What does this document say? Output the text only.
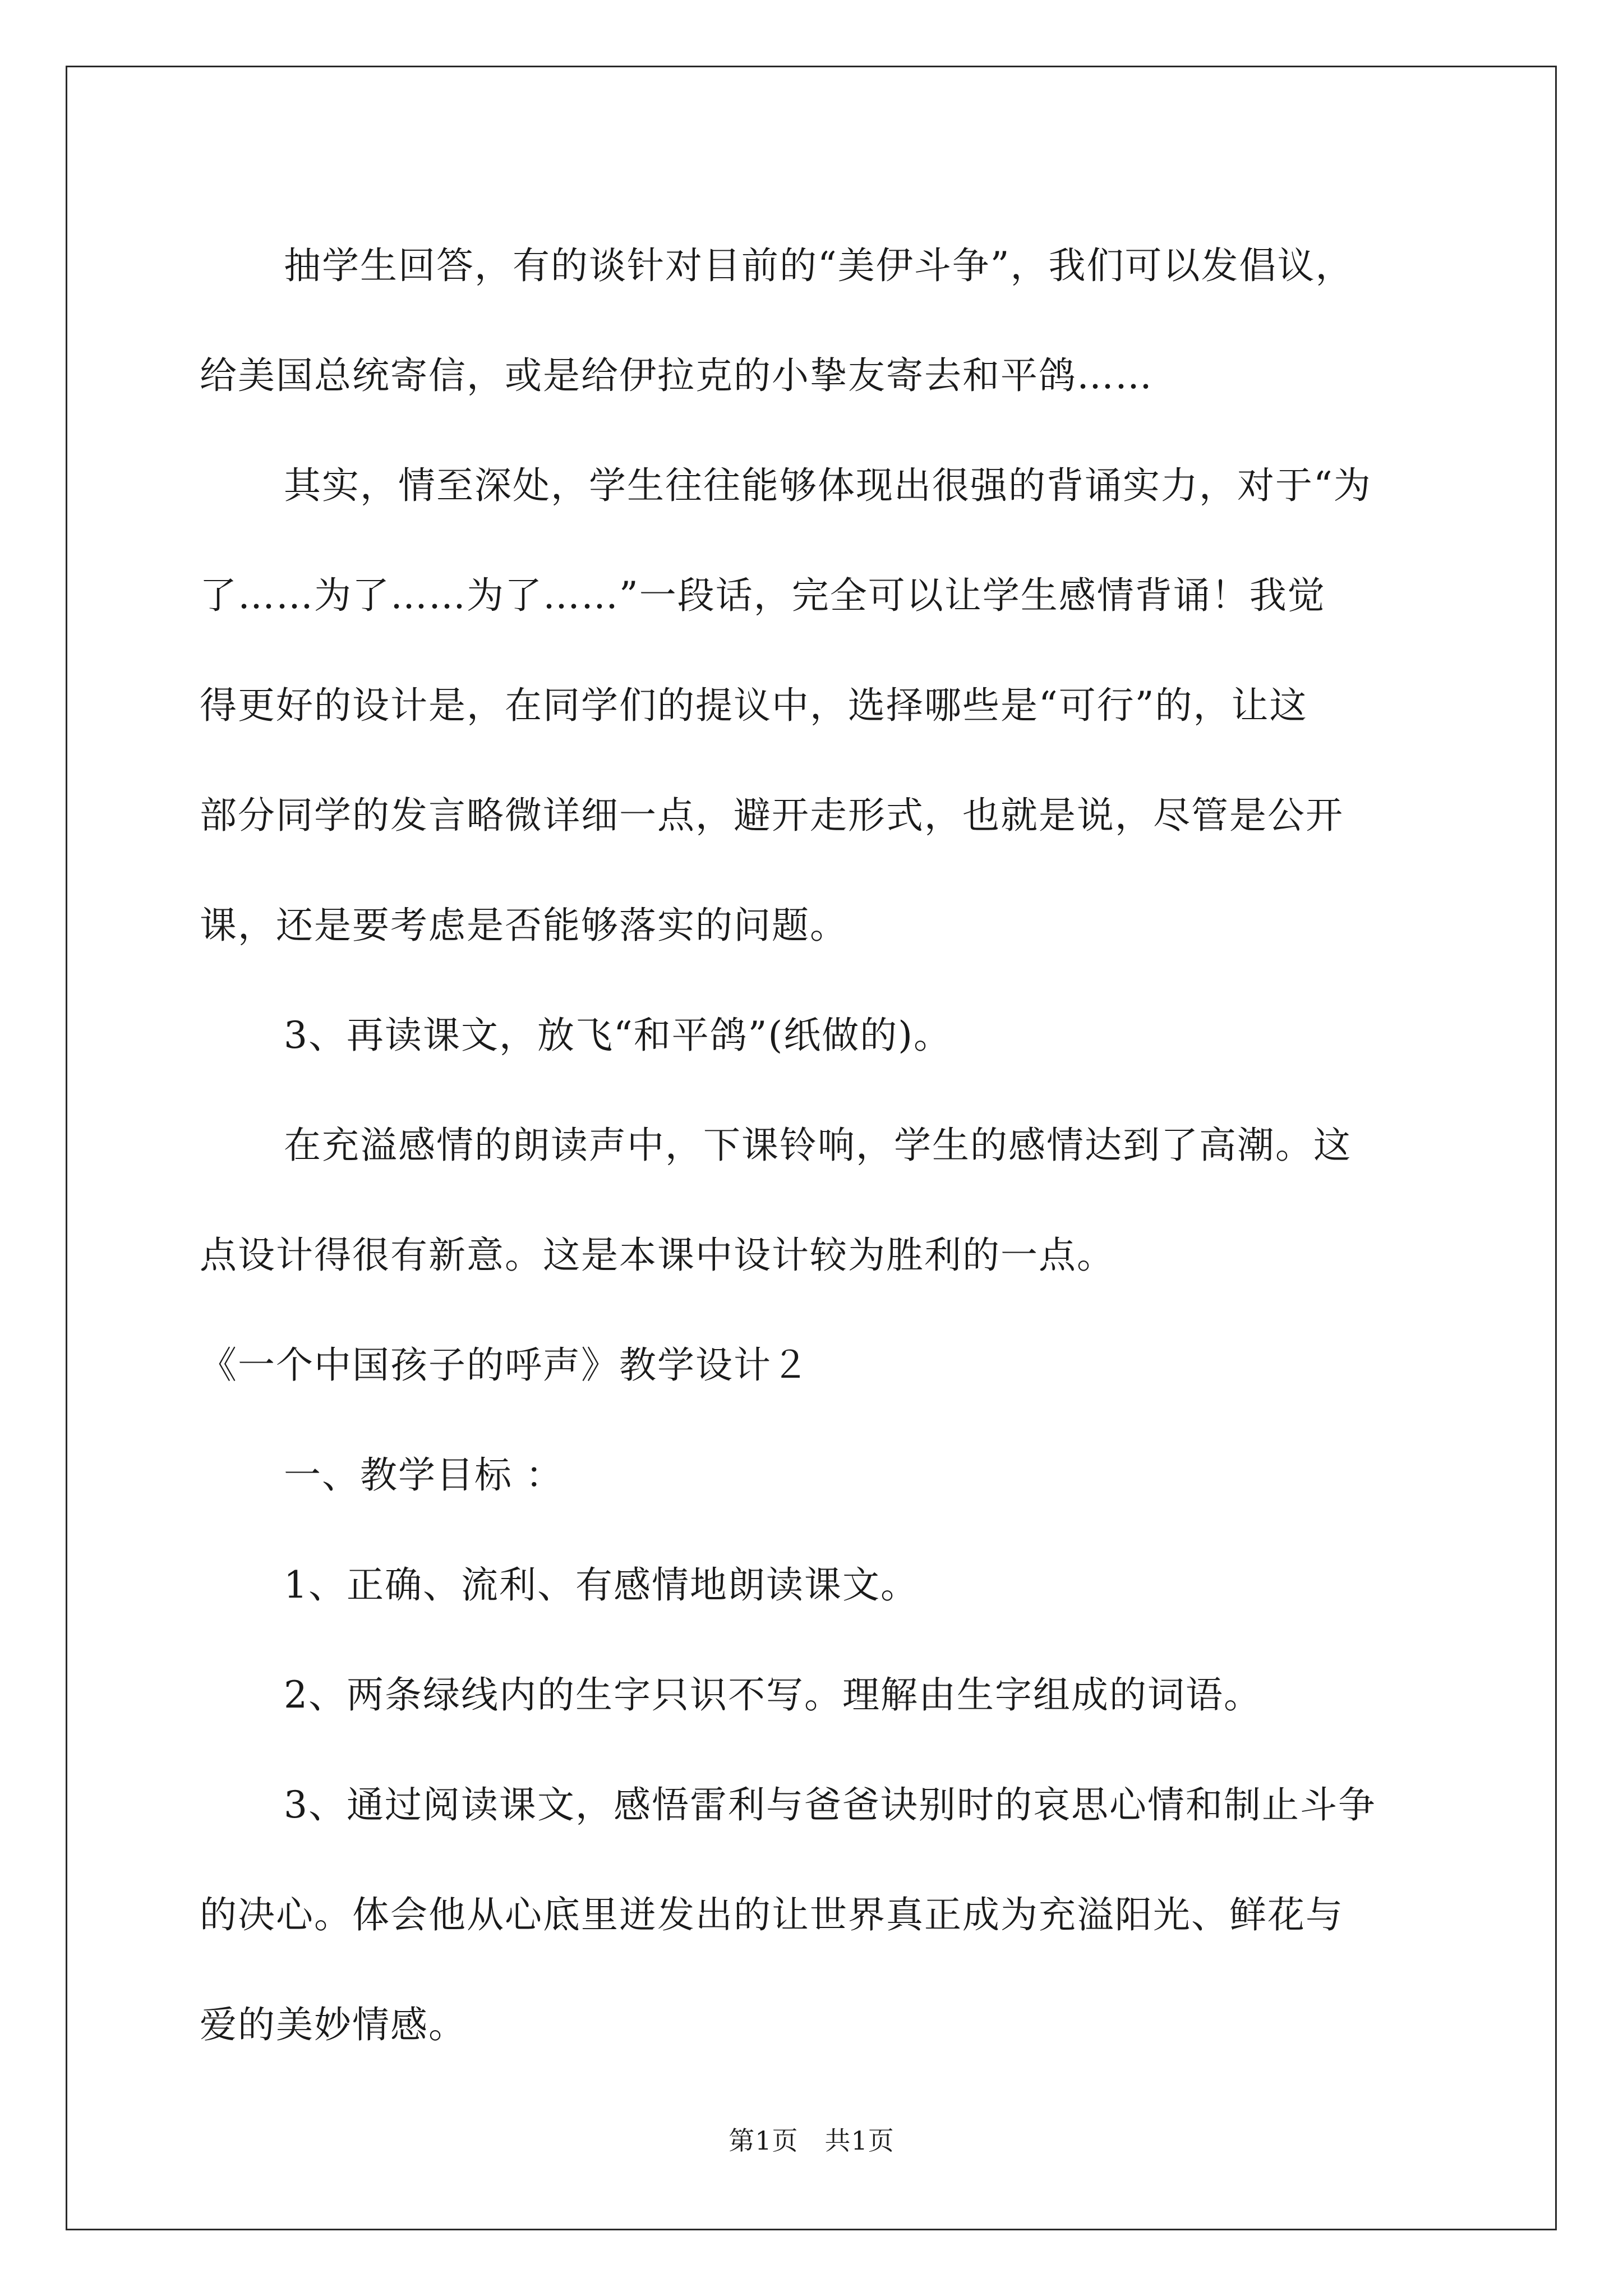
抽学生回答，有的谈针对目前的“美伊斗争”，我们可以发倡议，
给美国总统寄信，或是给伊拉克的小挚友寄去和平鸽……

其实，情至深处，学生往往能够体现出很强的背诵实力，对于“为
了……为了……为了……”一段话，完全可以让学生感情背诵！我觉
得更好的设计是，在同学们的提议中，选择哪些是“可行”的，让这
部分同学的发言略微详细一点，避开走形式，也就是说，尽管是公开
课，还是要考虑是否能够落实的问题。

3、再读课文，放飞“和平鸽”(纸做的)。

在充溢感情的朗读声中，下课铃响，学生的感情达到了高潮。这
点设计得很有新意。这是本课中设计较为胜利的一点。

《一个中国孩子的呼声》教学设计２

一、教学目标 ：

1、正确、流利、有感情地朗读课文。

2、两条绿线内的生字只识不写。理解由生字组成的词语。

3、通过阅读课文，感悟雷利与爸爸诀别时的哀思心情和制止斗争
的决心。体会他从心底里迸发出的让世界真正成为充溢阳光、鲜花与
爱的美妙情感。

第1页　共1页
